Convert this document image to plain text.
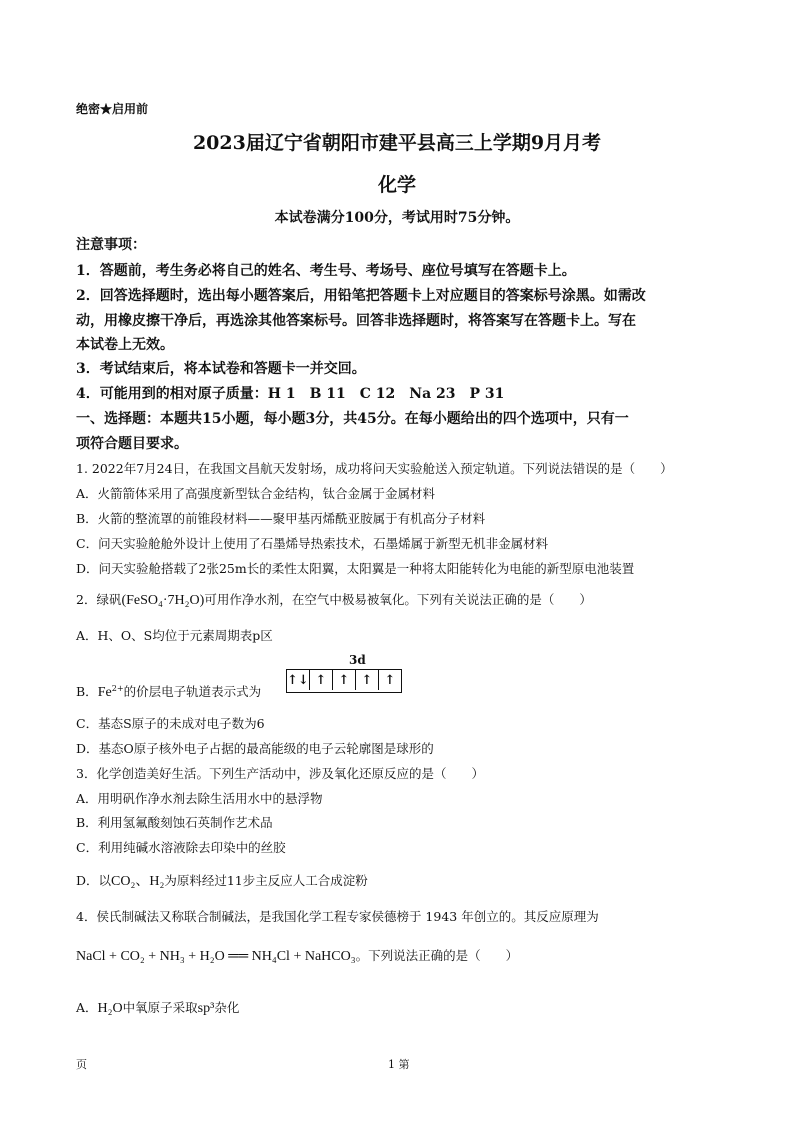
绝密★启用前
2023届辽宁省朝阳市建平县高三上学期9月月考
化学
本试卷满分100分，考试用时75分钟。
注意事项：
1．答题前，考生务必将自己的姓名、考生号、考场号、座位号填写在答题卡上。
2．回答选择题时，选出每小题答案后，用铅笔把答题卡上对应题目的答案标号涂黑。如需改
动，用橡皮擦干净后，再选涂其他答案标号。回答非选择题时，将答案写在答题卡上。写在
本试卷上无效。
3．考试结束后，将本试卷和答题卡一并交回。
4．可能用到的相对原子质量：H 1　B 11　C 12　Na 23　P 31
一、选择题：本题共15小题，每小题3分，共45分。在每小题给出的四个选项中，只有一
项符合题目要求。
1. 2022年7月24日，在我国文昌航天发射场，成功将问天实验舱送入预定轨道。下列说法错误的是（　　）
A．火箭箭体采用了高强度新型钛合金结构，钛合金属于金属材料
B．火箭的整流罩的前锥段材料——聚甲基丙烯酰亚胺属于有机高分子材料
C．问天实验舱舱外设计上使用了石墨烯导热索技术，石墨烯属于新型无机非金属材料
D．问天实验舱搭载了2张25m长的柔性太阳翼，太阳翼是一种将太阳能转化为电能的新型原电池装置
2．绿矾(FeSO₄·7H₂O)可用作净水剂，在空气中极易被氧化。下列有关说法正确的是（　　）
A．H、O、S均位于元素周期表p区
B．$Fe^{2+}$的价层电子轨道表示式为
3d
↑↓ ↑ ↑ ↑ ↑
C．基态S原子的未成对电子数为6
D．基态O原子核外电子占据的最高能级的电子云轮廓图是球形的
3．化学创造美好生活。下列生产活动中，涉及氧化还原反应的是（　　）
A．用明矾作净水剂去除生活用水中的悬浮物
B．利用氢氟酸刻蚀石英制作艺术品
C．利用纯碱水溶液除去印染中的丝胶
D．以CO₂、H₂为原料经过11步主反应人工合成淀粉
4．侯氏制碱法又称联合制碱法，是我国化学工程专家侯德榜于 1943 年创立的。其反应原理为
NaCl + CO₂ + NH₃ + H₂O ══ NH₄Cl + NaHCO₃。下列说法正确的是（　　）
A．H₂O中氧原子采取sp³杂化
页	1 第
